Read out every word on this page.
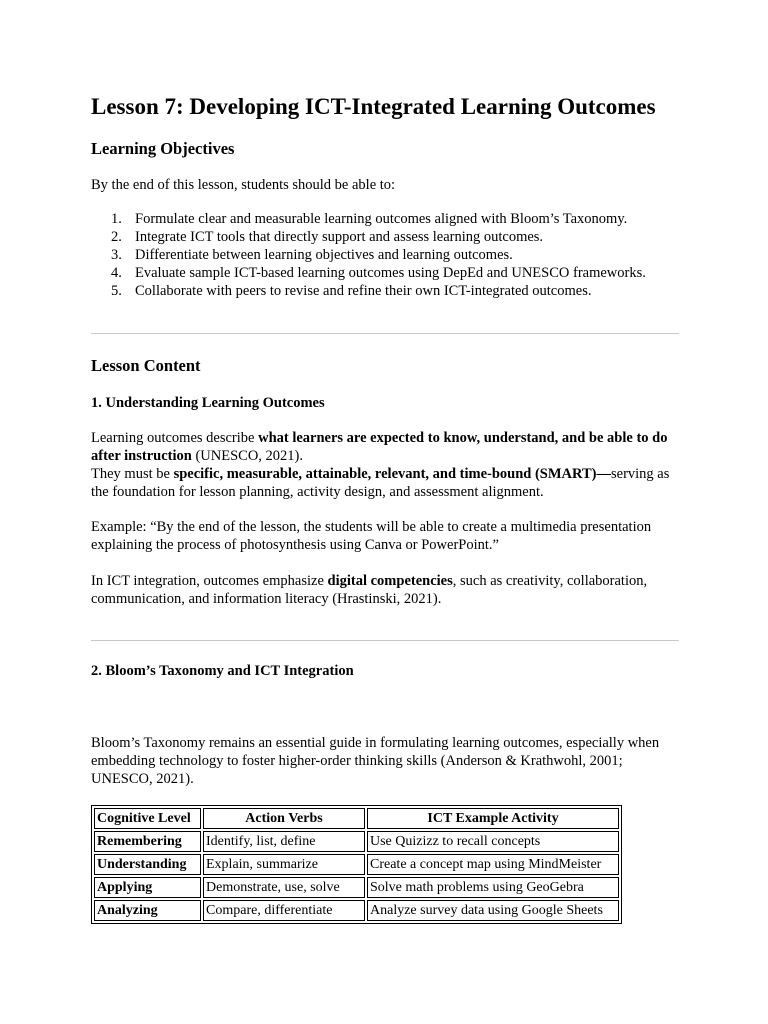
Lesson 7: Developing ICT-Integrated Learning Outcomes
Learning Objectives

By the end of this lesson, students should be able to:

1. Formulate clear and measurable learning outcomes aligned with Bloom’s Taxonomy.
2. Integrate ICT tools that directly support and assess learning outcomes.
3. Differentiate between learning objectives and learning outcomes.
4. Evaluate sample ICT-based learning outcomes using DepEd and UNESCO frameworks.
5. Collaborate with peers to revise and refine their own ICT-integrated outcomes.
Lesson Content
1. Understanding Learning Outcomes

Learning outcomes describe what learners are expected to know, understand, and be able to do after instruction (UNESCO, 2021).
They must be specific, measurable, attainable, relevant, and time-bound (SMART)—serving as the foundation for lesson planning, activity design, and assessment alignment.

Example: “By the end of the lesson, the students will be able to create a multimedia presentation explaining the process of photosynthesis using Canva or PowerPoint.”

In ICT integration, outcomes emphasize digital competencies, such as creativity, collaboration, communication, and information literacy (Hrastinski, 2021).

2. Bloom’s Taxonomy and ICT Integration

Bloom’s Taxonomy remains an essential guide in formulating learning outcomes, especially when embedding technology to foster higher-order thinking skills (Anderson & Krathwohl, 2001; UNESCO, 2021).

Cognitive Level	Action Verbs	ICT Example Activity
Remembering	Identify, list, define	Use Quizizz to recall concepts
Understanding	Explain, summarize	Create a concept map using MindMeister
Applying	Demonstrate, use, solve	Solve math problems using GeoGebra
Analyzing	Compare, differentiate	Analyze survey data using Google Sheets
